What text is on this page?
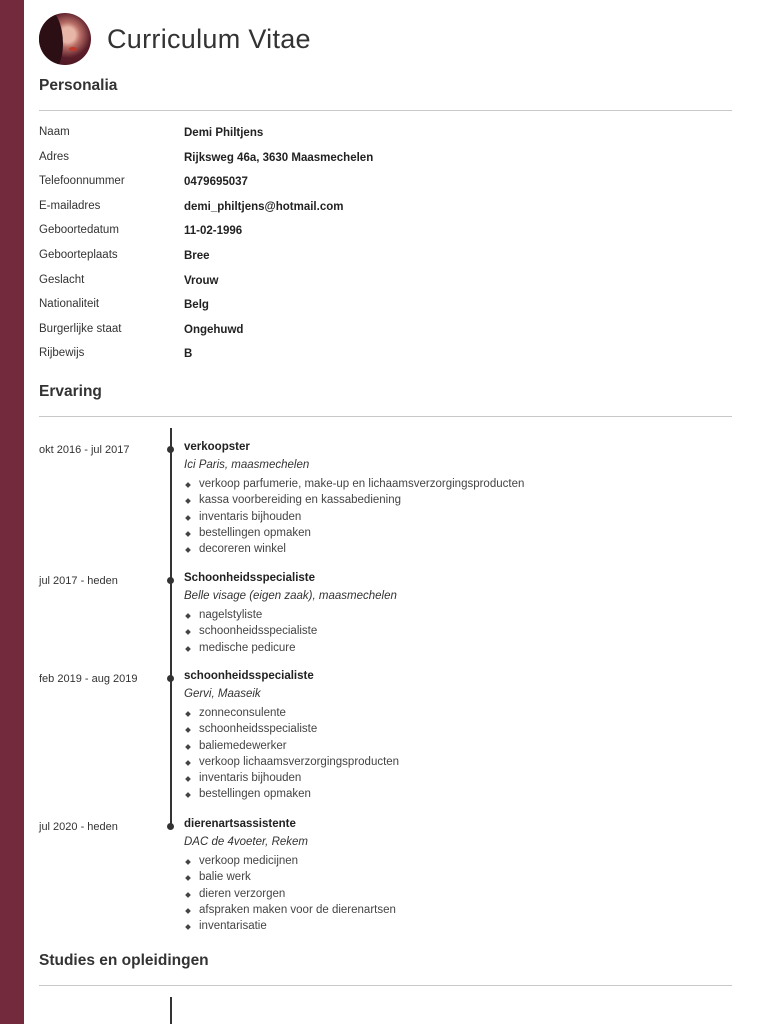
Curriculum Vitae
Personalia
Naam	Demi Philtjens
Adres	Rijksweg 46a, 3630 Maasmechelen
Telefoonnummer	0479695037
E-mailadres	demi_philtjens@hotmail.com
Geboortedatum	11-02-1996
Geboorteplaats	Bree
Geslacht	Vrouw
Nationaliteit	Belg
Burgerlijke staat	Ongehuwd
Rijbewijs	B
Ervaring
okt 2016 - jul 2017	verkoopster
Ici Paris, maasmechelen
verkoop parfumerie, make-up en lichaamsverzorgingsproducten
kassa voorbereiding en kassabediening
inventaris bijhouden
bestellingen opmaken
decoreren winkel
jul 2017 - heden	Schoonheidsspecialiste
Belle visage (eigen zaak), maasmechelen
nagelstyliste
schoonheidsspecialiste
medische pedicure
feb 2019 - aug 2019	schoonheidsspecialiste
Gervi, Maaseik
zonneconsulente
schoonheidsspecialiste
baliemedewerker
verkoop lichaamsverzorgingsproducten
inventaris bijhouden
bestellingen opmaken
jul 2020 - heden	dierenartsassistente
DAC de 4voeter, Rekem
verkoop medicijnen
balie werk
dieren verzorgen
afspraken maken voor de dierenartsen
inventarisatie
Studies en opleidingen
